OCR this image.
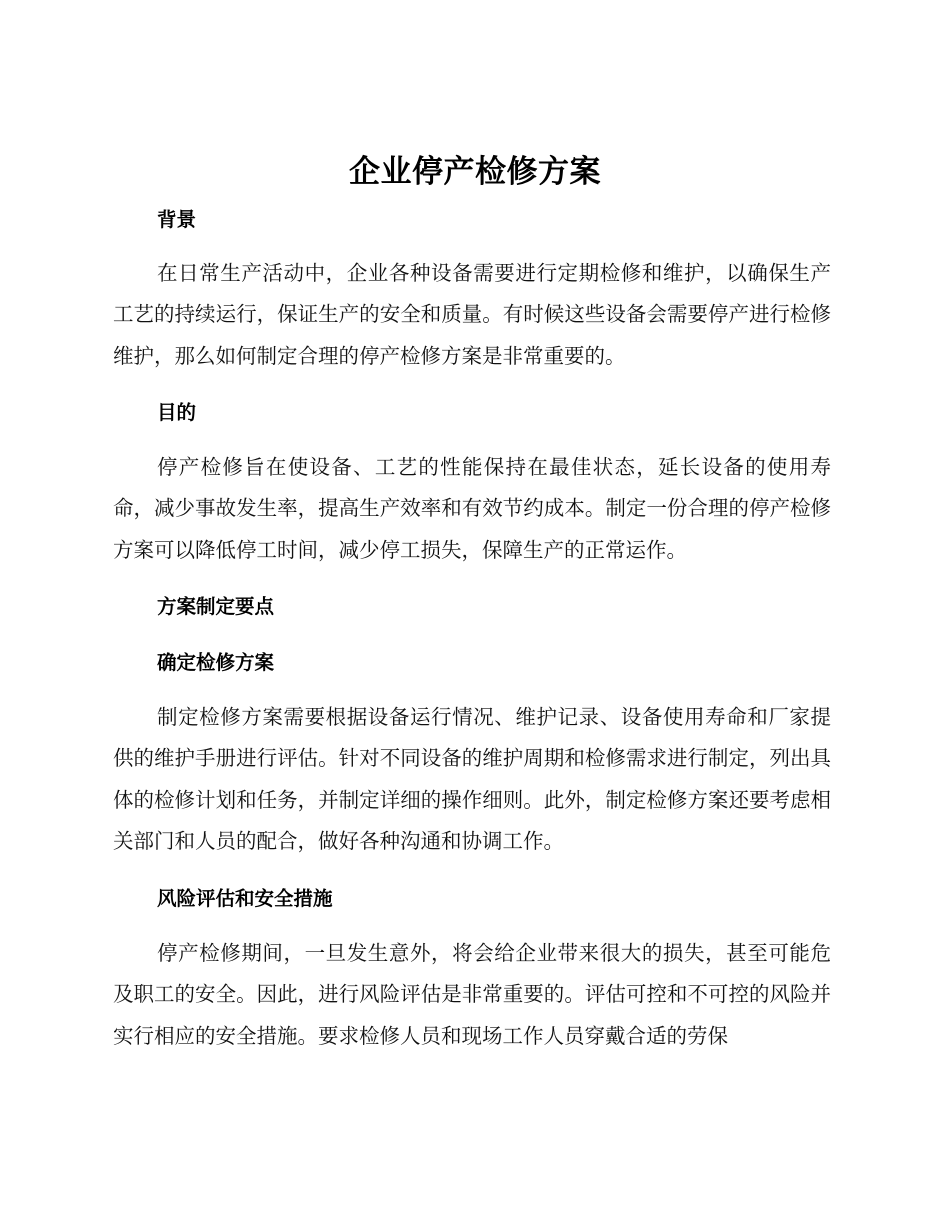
企业停产检修方案
背景
在日常生产活动中，企业各种设备需要进行定期检修和维护，以确保生产工艺的持续运行，保证生产的安全和质量。有时候这些设备会需要停产进行检修维护，那么如何制定合理的停产检修方案是非常重要的。
目的
停产检修旨在使设备、工艺的性能保持在最佳状态，延长设备的使用寿命，减少事故发生率，提高生产效率和有效节约成本。制定一份合理的停产检修方案可以降低停工时间，减少停工损失，保障生产的正常运作。
方案制定要点
确定检修方案
制定检修方案需要根据设备运行情况、维护记录、设备使用寿命和厂家提供的维护手册进行评估。针对不同设备的维护周期和检修需求进行制定，列出具体的检修计划和任务，并制定详细的操作细则。此外，制定检修方案还要考虑相关部门和人员的配合，做好各种沟通和协调工作。
风险评估和安全措施
停产检修期间，一旦发生意外，将会给企业带来很大的损失，甚至可能危及职工的安全。因此，进行风险评估是非常重要的。评估可控和不可控的风险并实行相应的安全措施。要求检修人员和现场工作人员穿戴合适的劳保
